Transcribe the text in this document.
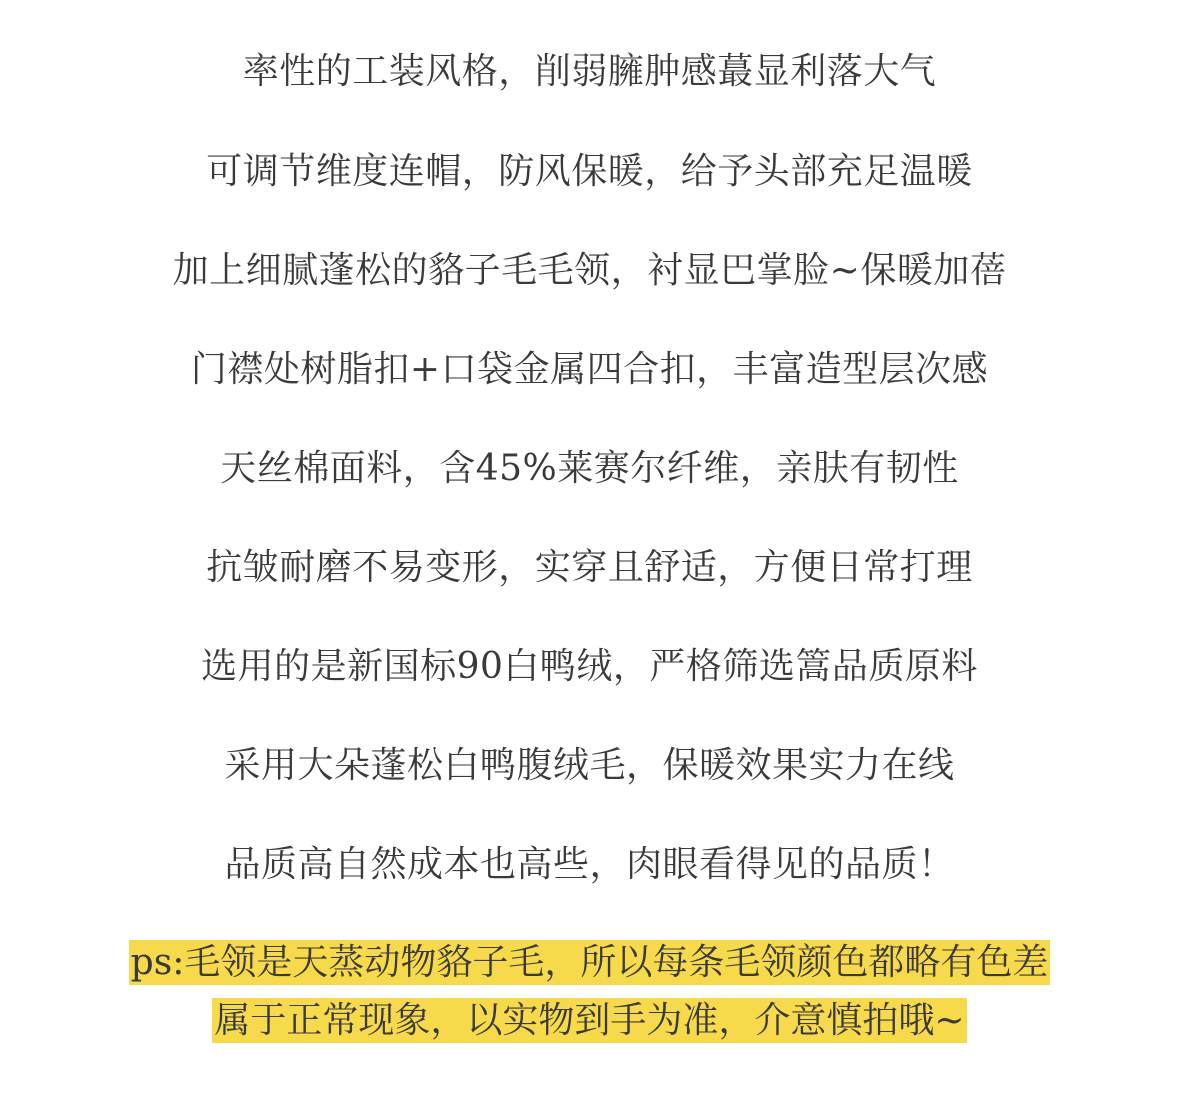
率性的工装风格，削弱臃肿感蕞显利落大气
可调节维度连帽，防风保暖，给予头部充足温暖
加上细腻蓬松的貉子毛毛领，衬显巴掌脸~保暖加蓓
门襟处树脂扣+口袋金属四合扣，丰富造型层次感
天丝棉面料，含45%莱赛尔纤维，亲肤有韧性
抗皱耐磨不易变形，实穿且舒适，方便日常打理
选用的是新国标90白鸭绒，严格筛选篙品质原料
采用大朵蓬松白鸭腹绒毛，保暖效果实力在线
品质高自然成本也高些，肉眼看得见的品质！
ps:毛领是天蒸动物貉子毛，所以每条毛领颜色都略有色差
属于正常现象，以实物到手为准，介意慎拍哦~
